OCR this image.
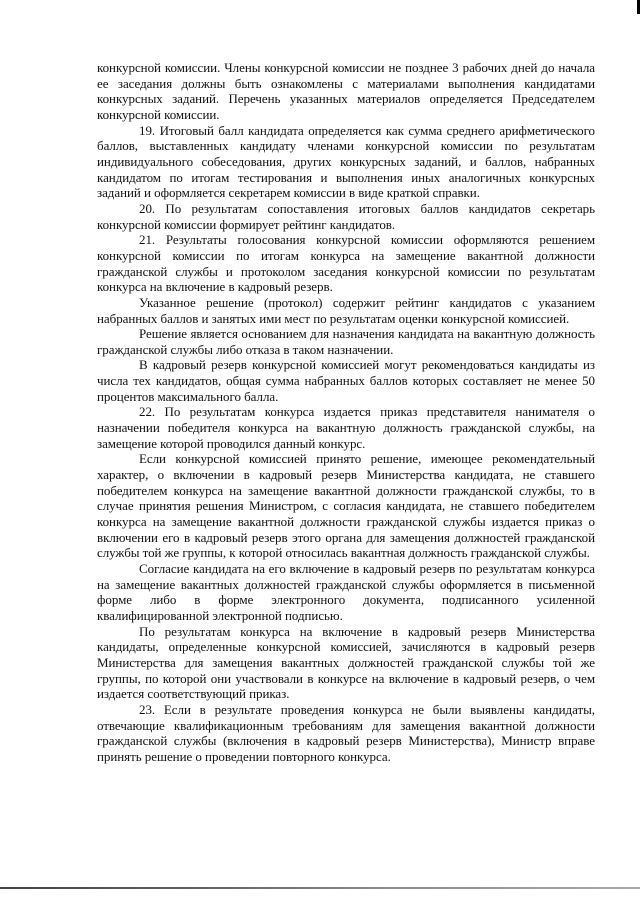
конкурсной комиссии. Члены конкурсной комиссии не позднее 3 рабочих дней до начала ее заседания должны быть ознакомлены с материалами выполнения кандидатами конкурсных заданий. Перечень указанных материалов определяется Председателем конкурсной комиссии.

19. Итоговый балл кандидата определяется как сумма среднего арифметического баллов, выставленных кандидату членами конкурсной комиссии по результатам индивидуального собеседования, других конкурсных заданий, и баллов, набранных кандидатом по итогам тестирования и выполнения иных аналогичных конкурсных заданий и оформляется секретарем комиссии в виде краткой справки.

20. По результатам сопоставления итоговых баллов кандидатов секретарь конкурсной комиссии формирует рейтинг кандидатов.

21. Результаты голосования конкурсной комиссии оформляются решением конкурсной комиссии по итогам конкурса на замещение вакантной должности гражданской службы и протоколом заседания конкурсной комиссии по результатам конкурса на включение в кадровый резерв.

Указанное решение (протокол) содержит рейтинг кандидатов с указанием набранных баллов и занятых ими мест по результатам оценки конкурсной комиссией.

Решение является основанием для назначения кандидата на вакантную должность гражданской службы либо отказа в таком назначении.

В кадровый резерв конкурсной комиссией могут рекомендоваться кандидаты из числа тех кандидатов, общая сумма набранных баллов которых составляет не менее 50 процентов максимального балла.

22. По результатам конкурса издается приказ представителя нанимателя о назначении победителя конкурса на вакантную должность гражданской службы, на замещение которой проводился данный конкурс.

Если конкурсной комиссией принято решение, имеющее рекомендательный характер, о включении в кадровый резерв Министерства кандидата, не ставшего победителем конкурса на замещение вакантной должности гражданской службы, то в случае принятия решения Министром, с согласия кандидата, не ставшего победителем конкурса на замещение вакантной должности гражданской службы издается приказ о включении его в кадровый резерв этого органа для замещения должностей гражданской службы той же группы, к которой относилась вакантная должность гражданской службы.

Согласие кандидата на его включение в кадровый резерв по результатам конкурса на замещение вакантных должностей гражданской службы оформляется в письменной форме либо в форме электронного документа, подписанного усиленной квалифицированной электронной подписью.

По результатам конкурса на включение в кадровый резерв Министерства кандидаты, определенные конкурсной комиссией, зачисляются в кадровый резерв Министерства для замещения вакантных должностей гражданской службы той же группы, по которой они участвовали в конкурсе на включение в кадровый резерв, о чем издается соответствующий приказ.

23. Если в результате проведения конкурса не были выявлены кандидаты, отвечающие квалификационным требованиям для замещения вакантной должности гражданской службы (включения в кадровый резерв Министерства), Министр вправе принять решение о проведении повторного конкурса.
